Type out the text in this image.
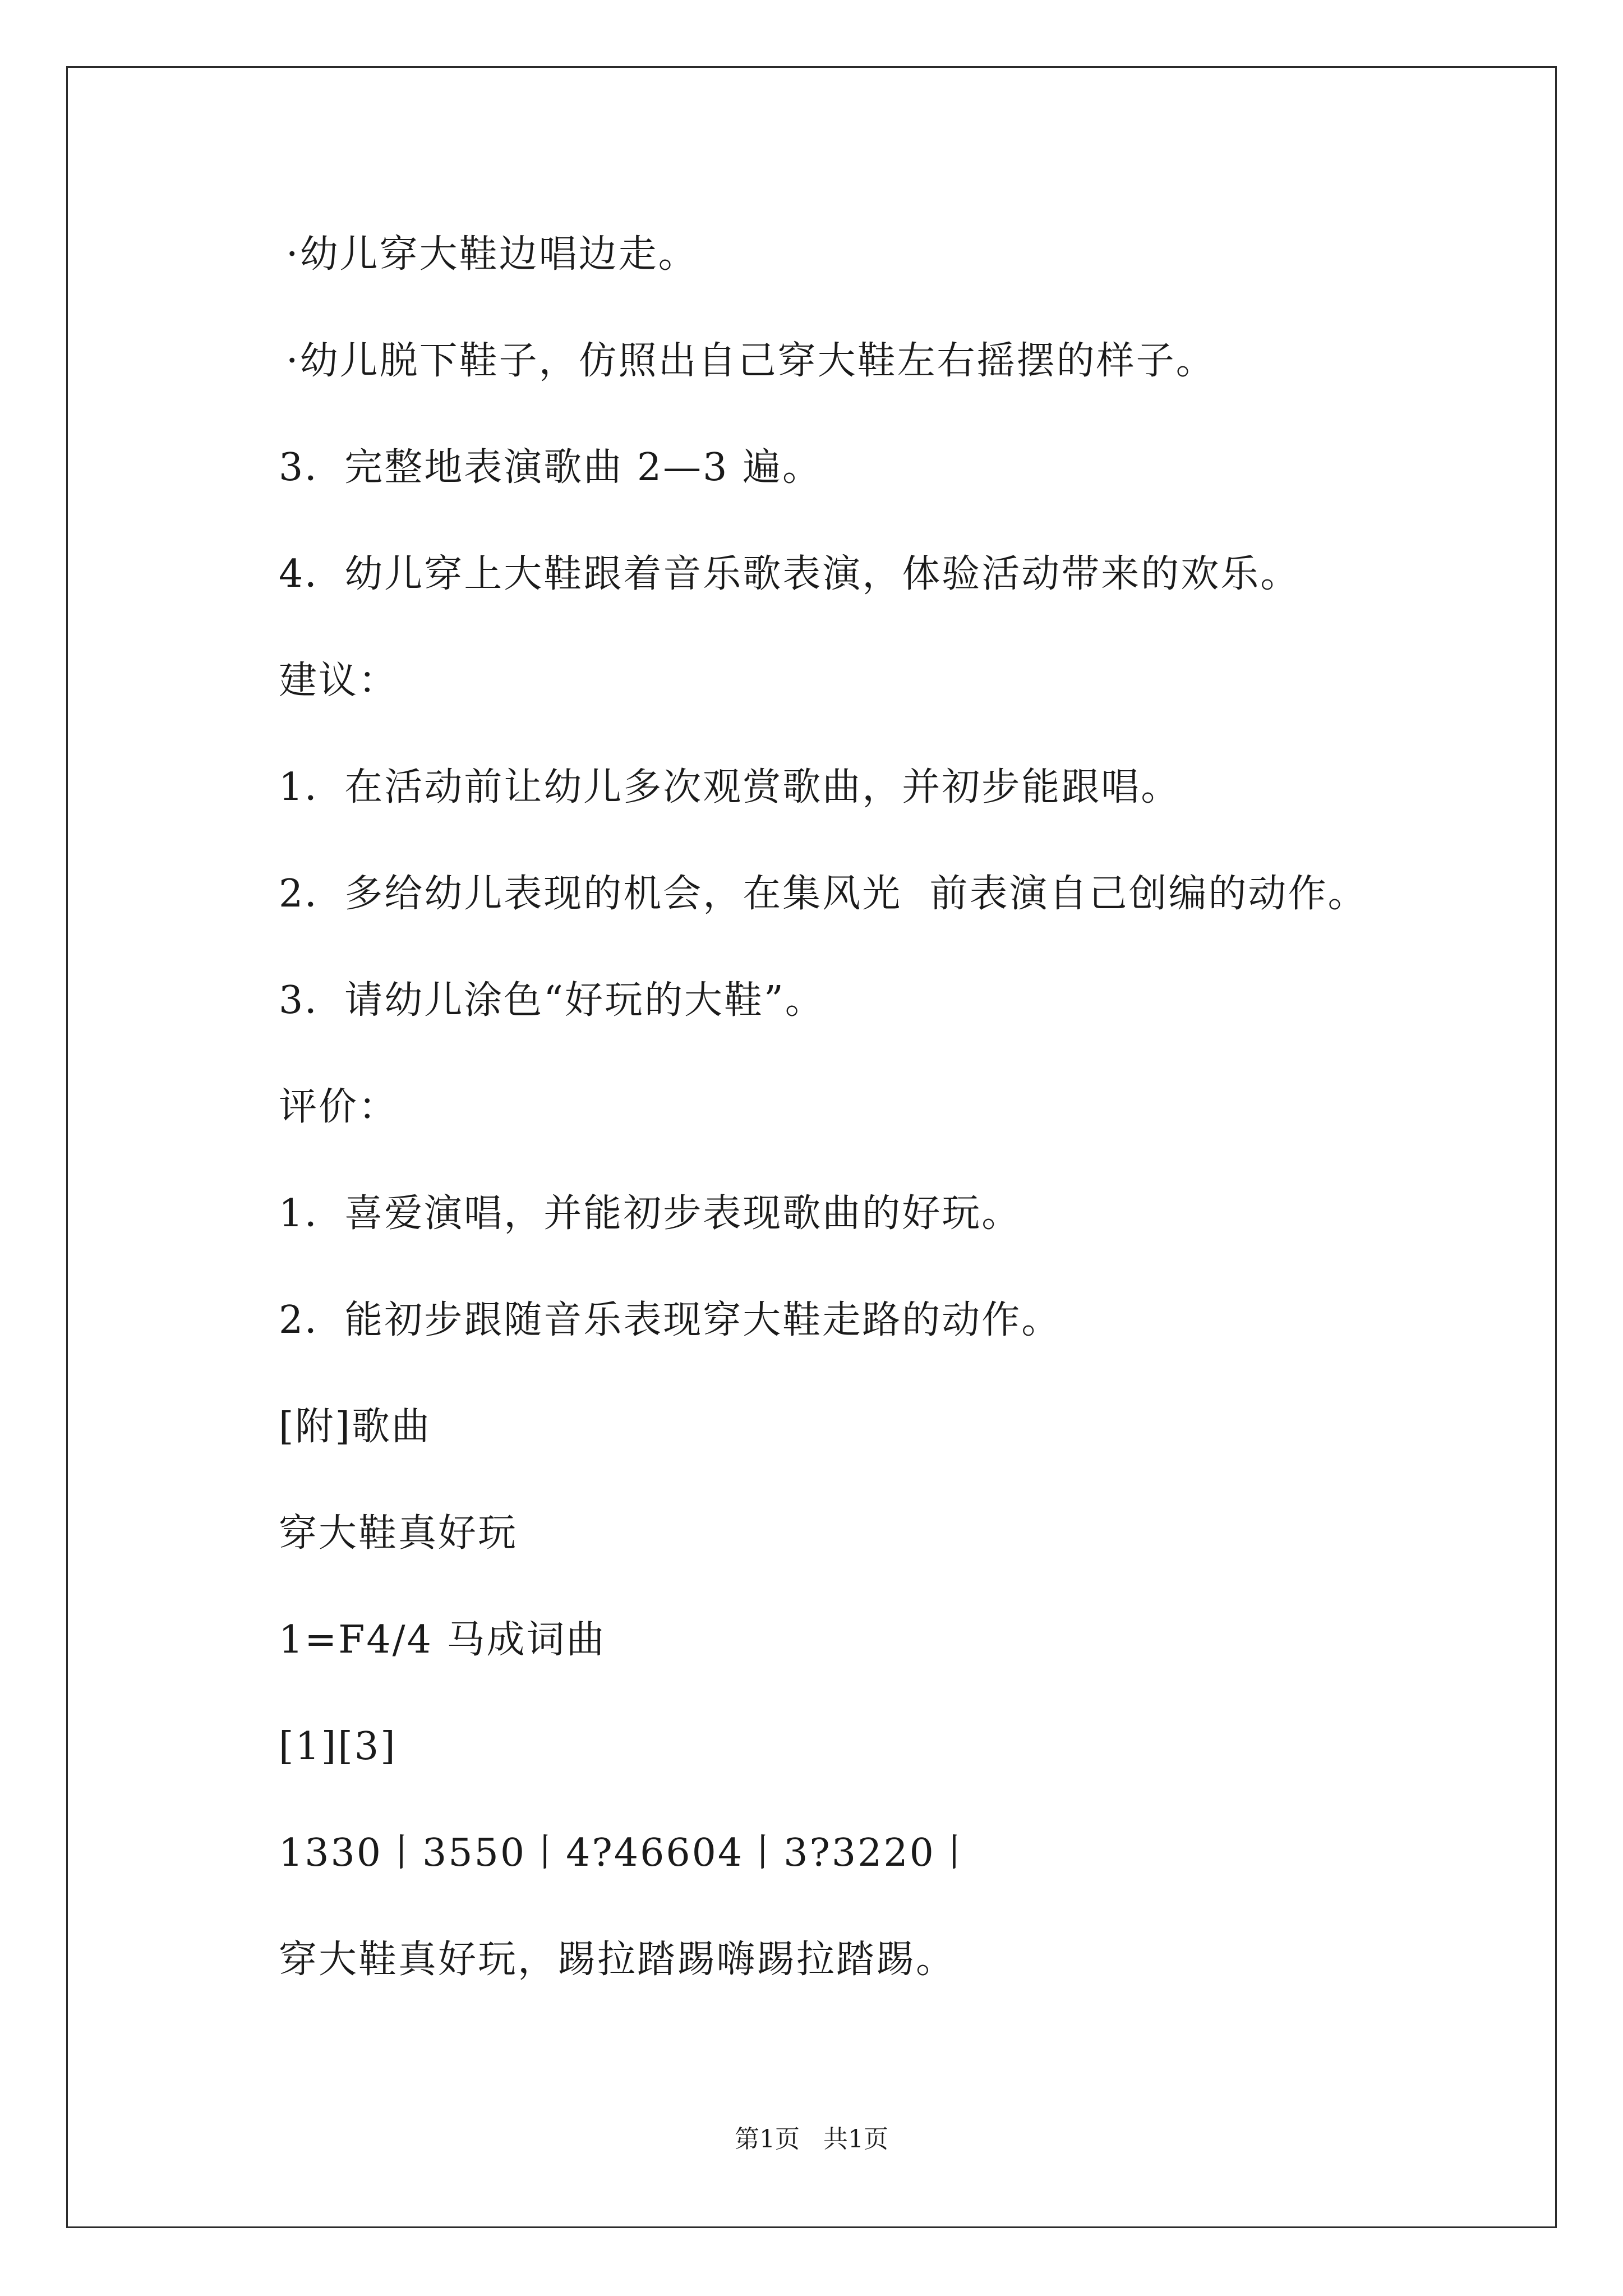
·幼儿穿大鞋边唱边走。

·幼儿脱下鞋子，仿照出自己穿大鞋左右摇摆的样子。

3．完整地表演歌曲 2—3 遍。

4．幼儿穿上大鞋跟着音乐歌表演，体验活动带来的欢乐。

建议：

1．在活动前让幼儿多次观赏歌曲，并初步能跟唱。

2．多给幼儿表现的机会，在集风光  前表演自己创编的动作。

3．请幼儿涂色“好玩的大鞋”。

评价：

1．喜爱演唱，并能初步表现歌曲的好玩。

2．能初步跟随音乐表现穿大鞋走路的动作。

[附]歌曲

穿大鞋真好玩

1=F4/4 马成词曲

[1][3]

1330丨3550丨4?46604丨3?3220丨

穿大鞋真好玩，踢拉踏踢嗨踢拉踏踢。

第1页   共1页
